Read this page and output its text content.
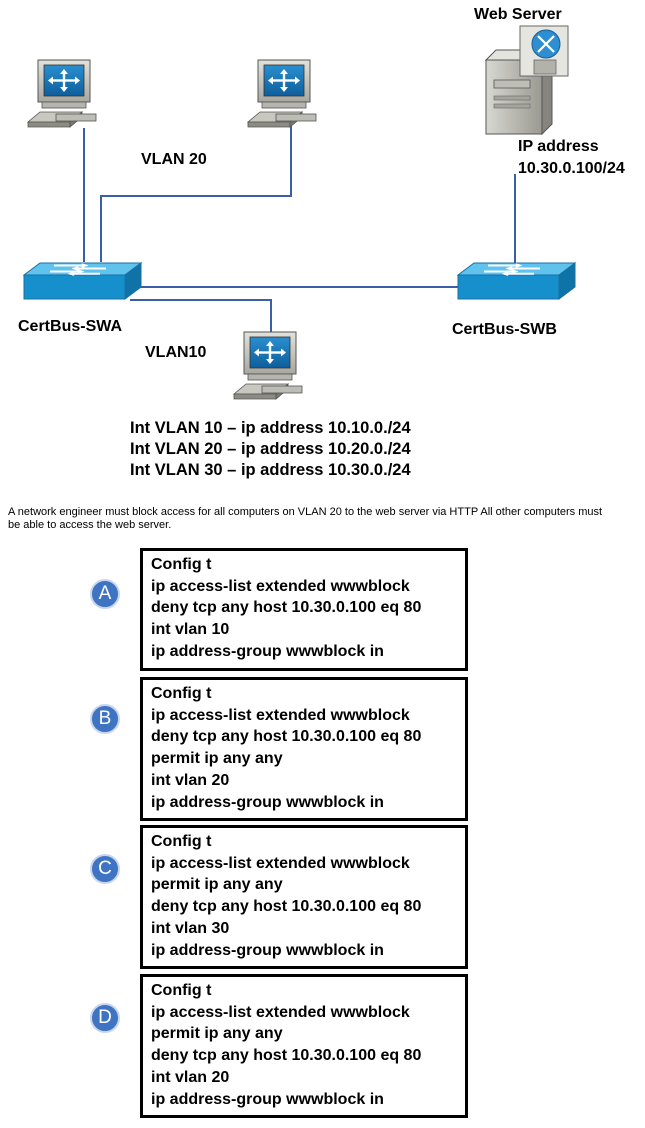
Web Server
IP address
10.30.0.100/24
VLAN 20
CertBus-SWA	CertBus-SWB
VLAN10
Int VLAN 10 – ip address 10.10.0./24
Int VLAN 20 – ip address 10.20.0./24
Int VLAN 30 – ip address 10.30.0./24
A network engineer must block access for all computers on VLAN 20 to the web server via HTTP All other computers must be able to access the web server.
A
Config t
ip access-list extended wwwblock
deny tcp any host 10.30.0.100 eq 80
int vlan 10
ip address-group wwwblock in
B
Config t
ip access-list extended wwwblock
deny tcp any host 10.30.0.100 eq 80
permit ip any any
int vlan 20
ip address-group wwwblock in
C
Config t
ip access-list extended wwwblock
permit ip any any
deny tcp any host 10.30.0.100 eq 80
int vlan 30
ip address-group wwwblock in
D
Config t
ip access-list extended wwwblock
permit ip any any
deny tcp any host 10.30.0.100 eq 80
int vlan 20
ip address-group wwwblock in
